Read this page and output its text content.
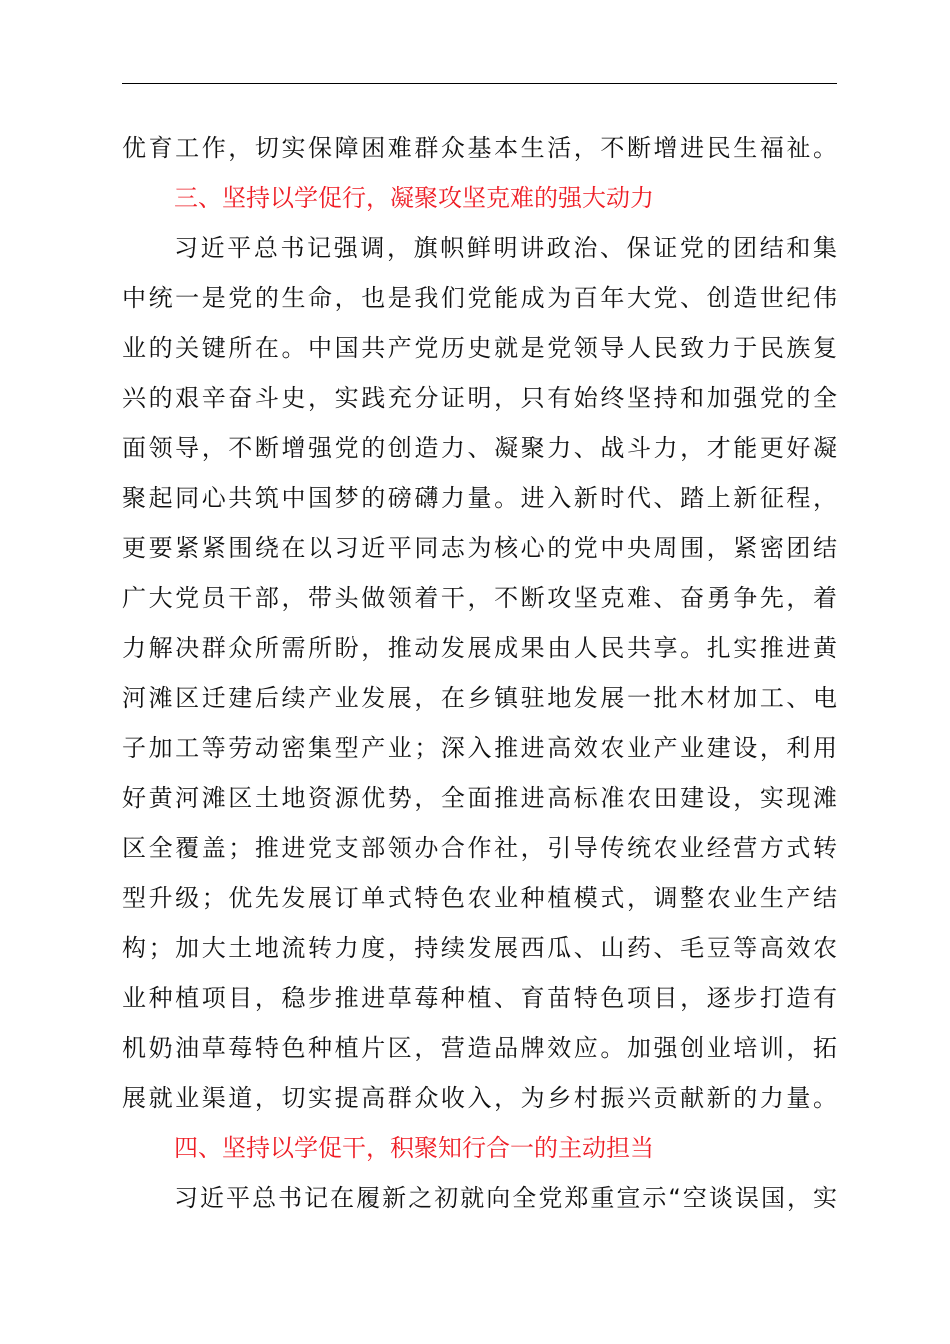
优育工作，切实保障困难群众基本生活，不断增进民生福祉。
三、坚持以学促行，凝聚攻坚克难的强大动力
习近平总书记强调，旗帜鲜明讲政治、保证党的团结和集
中统一是党的生命，也是我们党能成为百年大党、创造世纪伟
业的关键所在。中国共产党历史就是党领导人民致力于民族复
兴的艰辛奋斗史，实践充分证明，只有始终坚持和加强党的全
面领导，不断增强党的创造力、凝聚力、战斗力，才能更好凝
聚起同心共筑中国梦的磅礴力量。进入新时代、踏上新征程，
更要紧紧围绕在以习近平同志为核心的党中央周围，紧密团结
广大党员干部，带头做领着干，不断攻坚克难、奋勇争先，着
力解决群众所需所盼，推动发展成果由人民共享。扎实推进黄
河滩区迁建后续产业发展，在乡镇驻地发展一批木材加工、电
子加工等劳动密集型产业；深入推进高效农业产业建设，利用
好黄河滩区土地资源优势，全面推进高标准农田建设，实现滩
区全覆盖；推进党支部领办合作社，引导传统农业经营方式转
型升级；优先发展订单式特色农业种植模式，调整农业生产结
构；加大土地流转力度，持续发展西瓜、山药、毛豆等高效农
业种植项目，稳步推进草莓种植、育苗特色项目，逐步打造有
机奶油草莓特色种植片区，营造品牌效应。加强创业培训，拓
展就业渠道，切实提高群众收入，为乡村振兴贡献新的力量。
四、坚持以学促干，积聚知行合一的主动担当
习近平总书记在履新之初就向全党郑重宣示“空谈误国，实
